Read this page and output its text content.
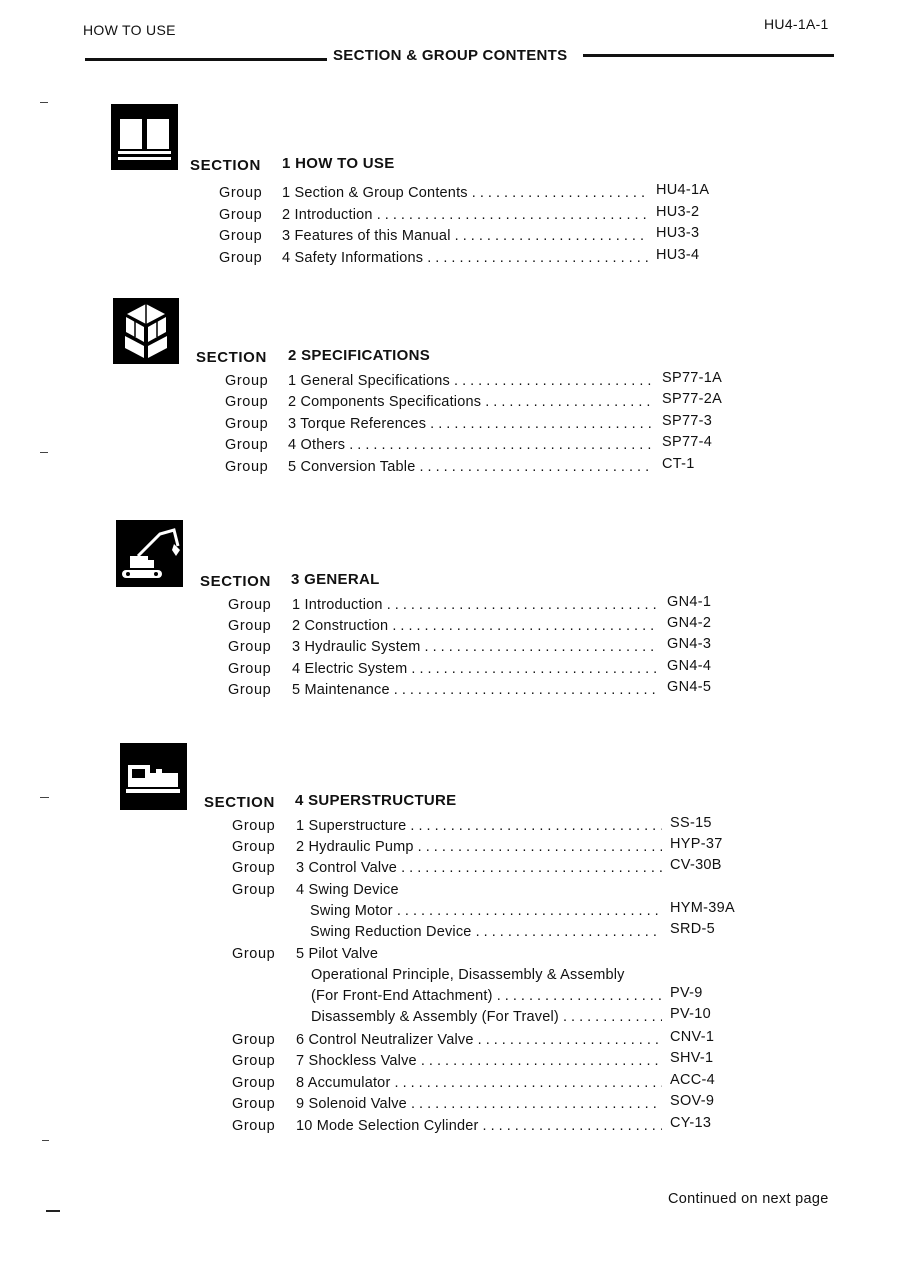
HOW TO USE	HU4-1A-1
SECTION & GROUP CONTENTS
SECTION 1 HOW TO USE
Group 1 Section & Group Contents . . .	HU4-1A
Group 2 Introduction . . .	HU3-2
Group 3 Features of this Manual . . .	HU3-3
Group 4 Safety Informations . . .	HU3-4
SECTION 2 SPECIFICATIONS
Group 1 General Specifications . . .	SP77-1A
Group 2 Components Specifications . . .	SP77-2A
Group 3 Torque References . . .	SP77-3
Group 4 Others . . .	SP77-4
Group 5 Conversion Table . . .	CT-1
SECTION 3 GENERAL
Group 1 Introduction . . .	GN4-1
Group 2 Construction . . .	GN4-2
Group 3 Hydraulic System . . .	GN4-3
Group 4 Electric System . . .	GN4-4
Group 5 Maintenance . . .	GN4-5
SECTION 4 SUPERSTRUCTURE
Group 1 Superstructure . . .	SS-15
Group 2 Hydraulic Pump . . .	HYP-37
Group 3 Control Valve . . .	CV-30B
Group 4 Swing Device
Swing Motor . . .	HYM-39A
Swing Reduction Device . . .	SRD-5
Group 5 Pilot Valve
Operational Principle, Disassembly & Assembly
(For Front-End Attachment) . . .	PV-9
Disassembly & Assembly (For Travel) . . .	PV-10
Group 6 Control Neutralizer Valve . . .	CNV-1
Group 7 Shockless Valve . . .	SHV-1
Group 8 Accumulator . . .	ACC-4
Group 9 Solenoid Valve . . .	SOV-9
Group 10 Mode Selection Cylinder . . .	CY-13
Continued on next page
